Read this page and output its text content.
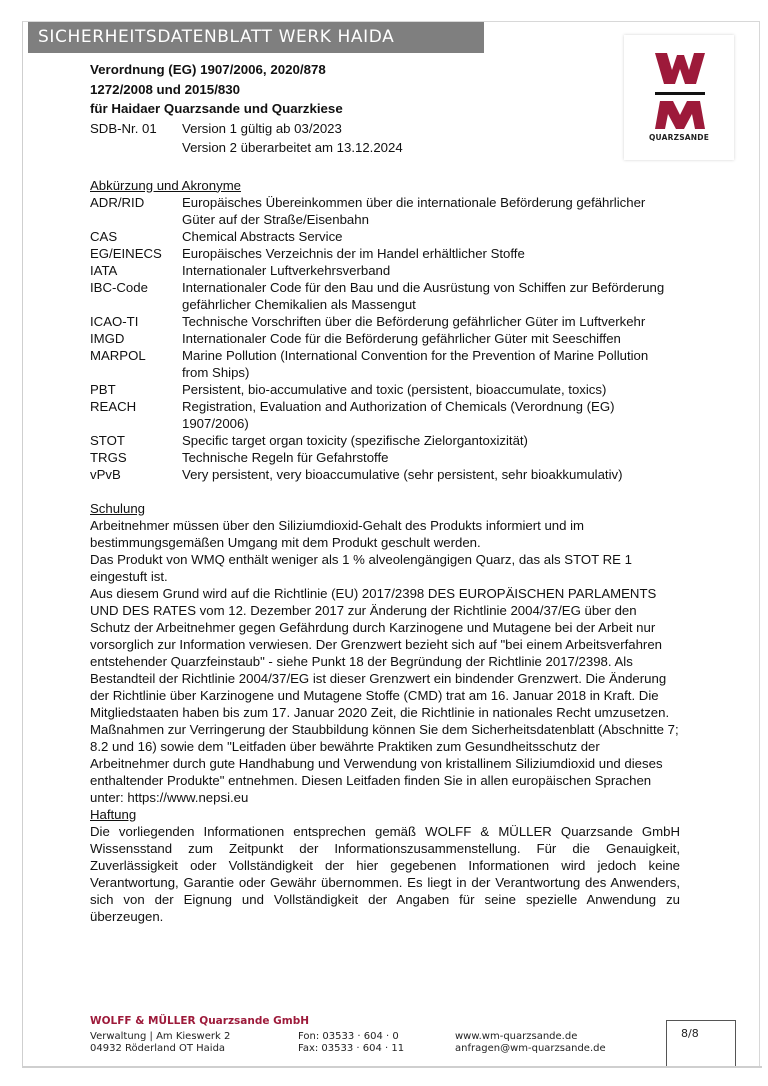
SICHERHEITSDATENBLATT WERK HAIDA
QUARZSANDE
Verordnung (EG) 1907/2006, 2020/878
1272/2008 und 2015/830
für Haidaer Quarzsande und Quarzkiese
SDB-Nr. 01	Version 1 gültig ab 03/2023
Version 2 überarbeitet am 13.12.2024
Abkürzung und Akronyme
ADR/RID	Europäisches Übereinkommen über die internationale Beförderung gefährlicher Güter auf der Straße/Eisenbahn
CAS	Chemical Abstracts Service
EG/EINECS	Europäisches Verzeichnis der im Handel erhältlicher Stoffe
IATA	Internationaler Luftverkehrsverband
IBC-Code	Internationaler Code für den Bau und die Ausrüstung von Schiffen zur Beförderung gefährlicher Chemikalien als Massengut
ICAO-TI	Technische Vorschriften über die Beförderung gefährlicher Güter im Luftverkehr
IMGD	Internationaler Code für die Beförderung gefährlicher Güter mit Seeschiffen
MARPOL	Marine Pollution (International Convention for the Prevention of Marine Pollution from Ships)
PBT	Persistent, bio-accumulative and toxic (persistent, bioaccumulate, toxics)
REACH	Registration, Evaluation and Authorization of Chemicals (Verordnung (EG) 1907/2006)
STOT	Specific target organ toxicity (spezifische Zielorgantoxizität)
TRGS	Technische Regeln für Gefahrstoffe
vPvB	Very persistent, very bioaccumulative (sehr persistent, sehr bioakkumulativ)
Schulung
Arbeitnehmer müssen über den Siliziumdioxid-Gehalt des Produkts informiert und im bestimmungsgemäßen Umgang mit dem Produkt geschult werden.
Das Produkt von WMQ enthält weniger als 1 % alveolengängigen Quarz, das als STOT RE 1 eingestuft ist.
Aus diesem Grund wird auf die Richtlinie (EU) 2017/2398 DES EUROPÄISCHEN PARLAMENTS UND DES RATES vom 12. Dezember 2017 zur Änderung der Richtlinie 2004/37/EG über den Schutz der Arbeitnehmer gegen Gefährdung durch Karzinogene und Mutagene bei der Arbeit nur vorsorglich zur Information verwiesen. Der Grenzwert bezieht sich auf "bei einem Arbeitsverfahren entstehender Quarzfeinstaub" - siehe Punkt 18 der Begründung der Richtlinie 2017/2398. Als Bestandteil der Richtlinie 2004/37/EG ist dieser Grenzwert ein bindender Grenzwert. Die Änderung der Richtlinie über Karzinogene und Mutagene Stoffe (CMD) trat am 16. Januar 2018 in Kraft. Die Mitgliedstaaten haben bis zum 17. Januar 2020 Zeit, die Richtlinie in nationales Recht umzusetzen. Maßnahmen zur Verringerung der Staubbildung können Sie dem Sicherheitsdatenblatt (Abschnitte 7; 8.2 und 16) sowie dem "Leitfaden über bewährte Praktiken zum Gesundheitsschutz der Arbeitnehmer durch gute Handhabung und Verwendung von kristallinem Siliziumdioxid und dieses enthaltender Produkte" entnehmen. Diesen Leitfaden finden Sie in allen europäischen Sprachen unter: https://www.nepsi.eu
Haftung
Die vorliegenden Informationen entsprechen gemäß WOLFF & MÜLLER Quarzsande GmbH Wissensstand zum Zeitpunkt der Informationszusammenstellung. Für die Genauigkeit, Zuverlässigkeit oder Vollständigkeit der hier gegebenen Informationen wird jedoch keine Verantwortung, Garantie oder Gewähr übernommen. Es liegt in der Verantwortung des Anwenders, sich von der Eignung und Vollständigkeit der Angaben für seine spezielle Anwendung zu überzeugen.
WOLFF & MÜLLER Quarzsande GmbH
Verwaltung | Am Kieswerk 2
04932 Röderland OT Haida
Fon: 03533 · 604 · 0
Fax: 03533 · 604 · 11
www.wm-quarzsande.de
anfragen@wm-quarzsande.de
8/8
